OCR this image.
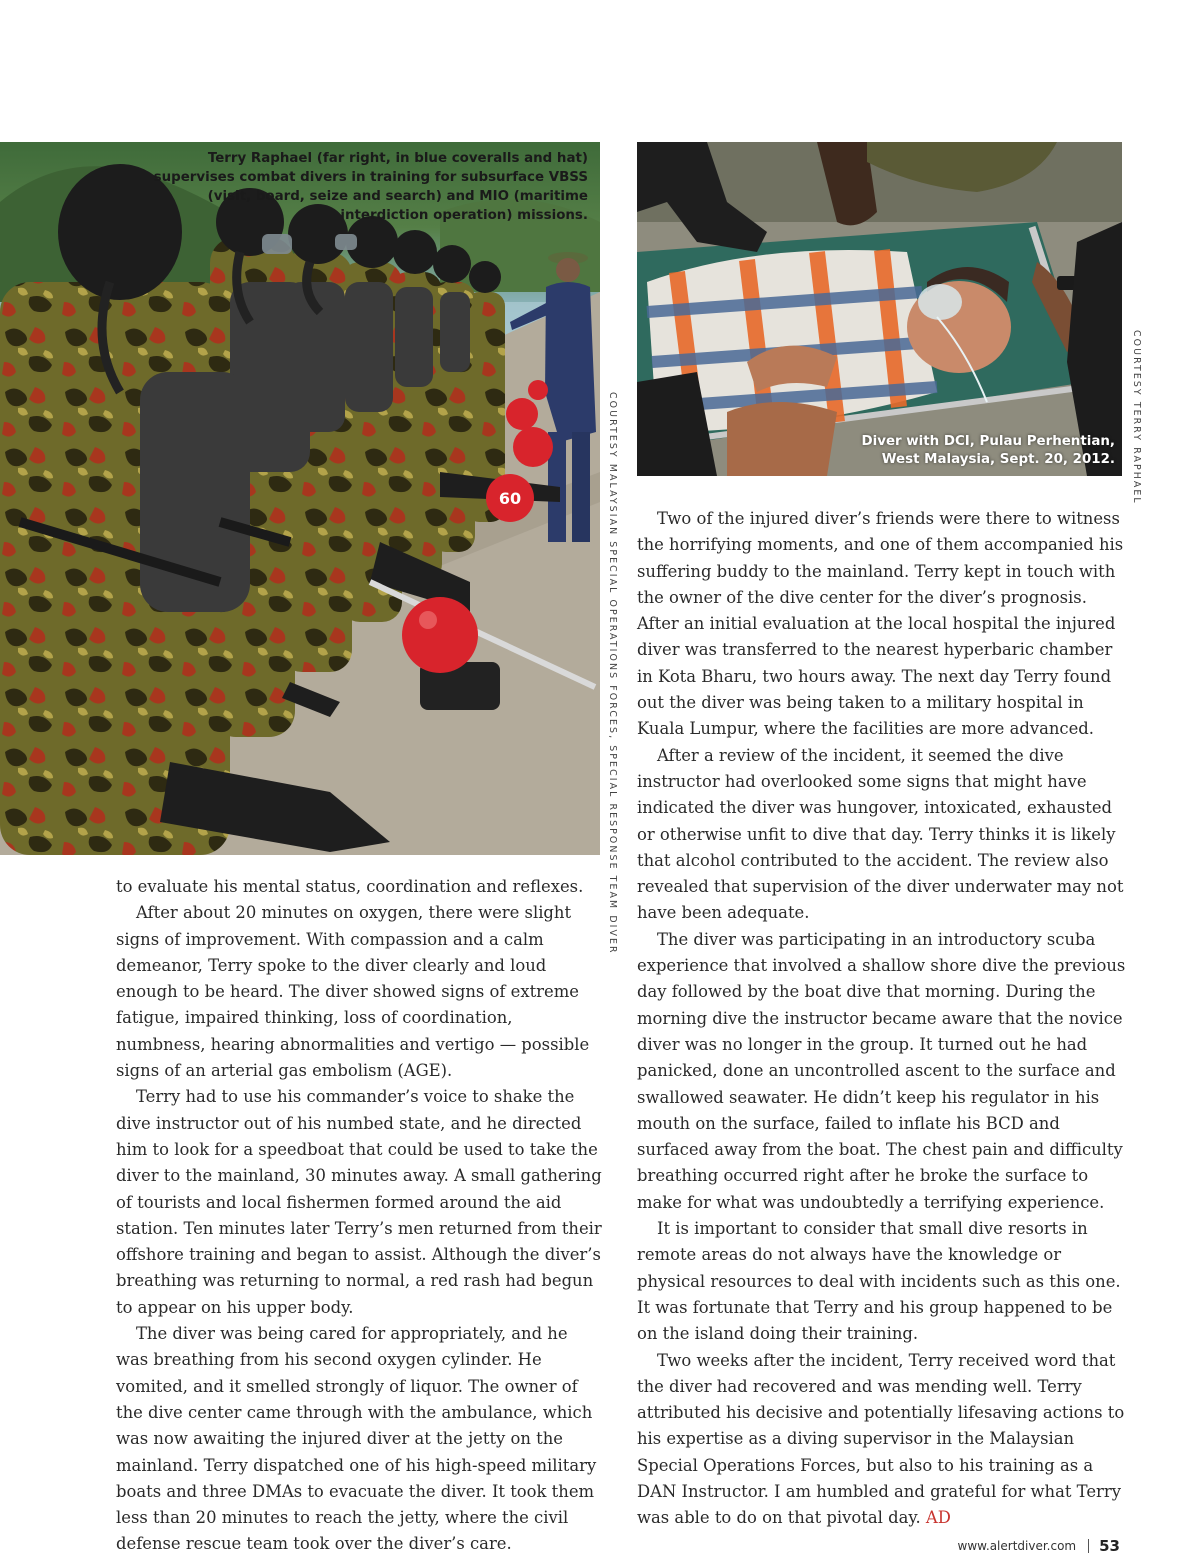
60
Terry Raphael (far right, in blue coveralls and hat) supervises combat divers in training for subsurface VBSS (visit, board, seize and search) and MIO (maritime interdiction operation) missions.
COURTESY MALAYSIAN SPECIAL OPERATIONS FORCES, SPECIAL RESPONSE TEAM DIVER	Diver with DCI, Pulau Perhentian,
West Malaysia, Sept. 20, 2012.	COURTESY TERRY RAPHAEL

to evaluate his mental status, coordination and reflexes.

After about 20 minutes on oxygen, there were slight signs of improvement. With compassion and a calm demeanor, Terry spoke to the diver clearly and loud enough to be heard. The diver showed signs of extreme fatigue, impaired thinking, loss of coordination, numbness, hearing abnormalities and vertigo — possible signs of an arterial gas embolism (AGE).

Terry had to use his commander’s voice to shake the dive instructor out of his numbed state, and he directed him to look for a speedboat that could be used to take the diver to the mainland, 30 minutes away. A small gathering of tourists and local fishermen formed around the aid station. Ten minutes later Terry’s men returned from their offshore training and began to assist. Although the diver’s breathing was returning to normal, a red rash had begun to appear on his upper body.

The diver was being cared for appropriately, and he was breathing from his second oxygen cylinder. He vomited, and it smelled strongly of liquor. The owner of the dive center came through with the ambulance, which was now awaiting the injured diver at the jetty on the mainland. Terry dispatched one of his high-speed military boats and three DMAs to evacuate the diver. It took them less than 20 minutes to reach the jetty, where the civil defense rescue team took over the diver’s care.

Two of the injured diver’s friends were there to witness the horrifying moments, and one of them accompanied his suffering buddy to the mainland. Terry kept in touch with the owner of the dive center for the diver’s prognosis. After an initial evaluation at the local hospital the injured diver was transferred to the nearest hyperbaric chamber in Kota Bharu, two hours away. The next day Terry found out the diver was being taken to a military hospital in Kuala Lumpur, where the facilities are more advanced.

After a review of the incident, it seemed the dive instructor had overlooked some signs that might have indicated the diver was hungover, intoxicated, exhausted or otherwise unfit to dive that day. Terry thinks it is likely that alcohol contributed to the accident. The review also revealed that supervision of the diver underwater may not have been adequate.

The diver was participating in an introductory scuba experience that involved a shallow shore dive the previous day followed by the boat dive that morning. During the morning dive the instructor became aware that the novice diver was no longer in the group. It turned out he had panicked, done an uncontrolled ascent to the surface and swallowed seawater. He didn’t keep his regulator in his mouth on the surface, failed to inflate his BCD and surfaced away from the boat. The chest pain and difficulty breathing occurred right after he broke the surface to make for what was undoubtedly a terrifying experience.

It is important to consider that small dive resorts in remote areas do not always have the knowledge or physical resources to deal with incidents such as this one. It was fortunate that Terry and his group happened to be on the island doing their training.

Two weeks after the incident, Terry received word that the diver had recovered and was mending well. Terry attributed his decisive and potentially lifesaving actions to his expertise as a diving supervisor in the Malaysian Special Operations Forces, but also to his training as a DAN Instructor. I am humbled and grateful for what Terry was able to do on that pivotal day. AD

www.alertdiver.com 53
